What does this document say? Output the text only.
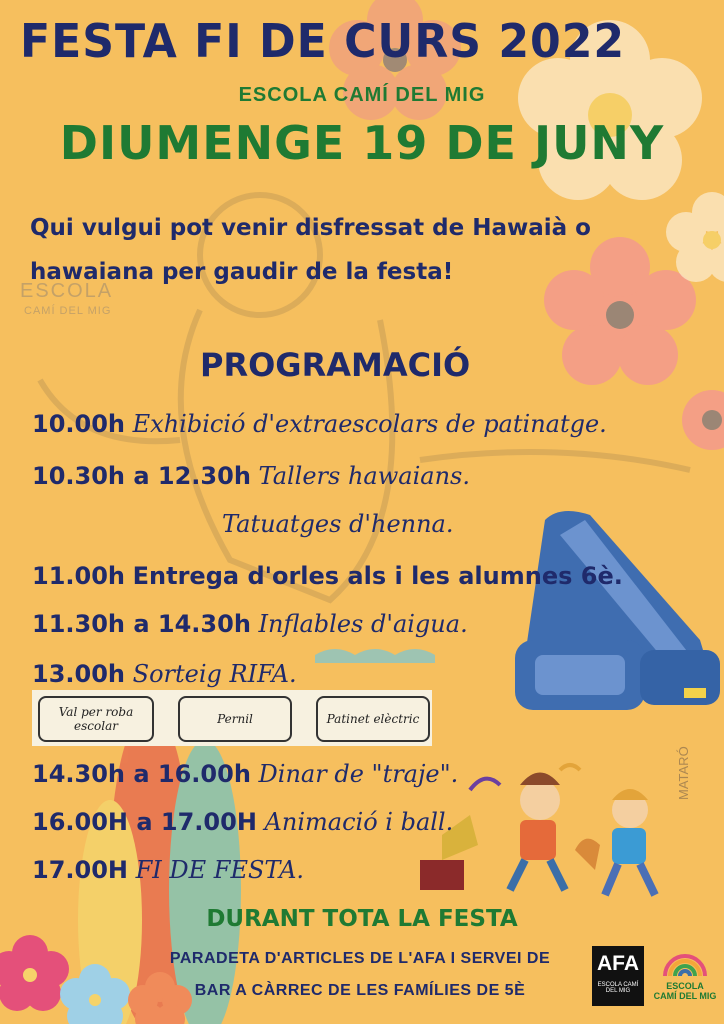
FESTA FI DE CURS 2022
ESCOLA CAMÍ DEL MIG
DIUMENGE 19 DE JUNY
Qui vulgui pot venir disfressat de Hawaià o
hawaiana per gaudir de la festa!
ESCOLA
CAMÍ DEL MIG
PROGRAMACIÓ
10.00h Exhibició d'extraescolars de patinatge.
10.30h a 12.30h Tallers hawaians.
Tatuatges d'henna.
11.00h Entrega d'orles als i les alumnes 6è.
11.30h a 14.30h Inflables d'aigua.
13.00h Sorteig RIFA.
Val per roba escolar	Pernil	Patinet elèctric
14.30h a 16.00h Dinar de "traje".
16.00H a 17.00H Animació i ball.
17.00H FI DE FESTA.
MATARÓ
DURANT TOTA LA FESTA
PARADETA D'ARTICLES DE L'AFA I SERVEI DE
BAR A CÀRREC DE LES FAMÍLIES DE 5È
AFA
ESCOLA CAMÍ DEL MIG	ESCOLA
CAMÍ DEL MIG
